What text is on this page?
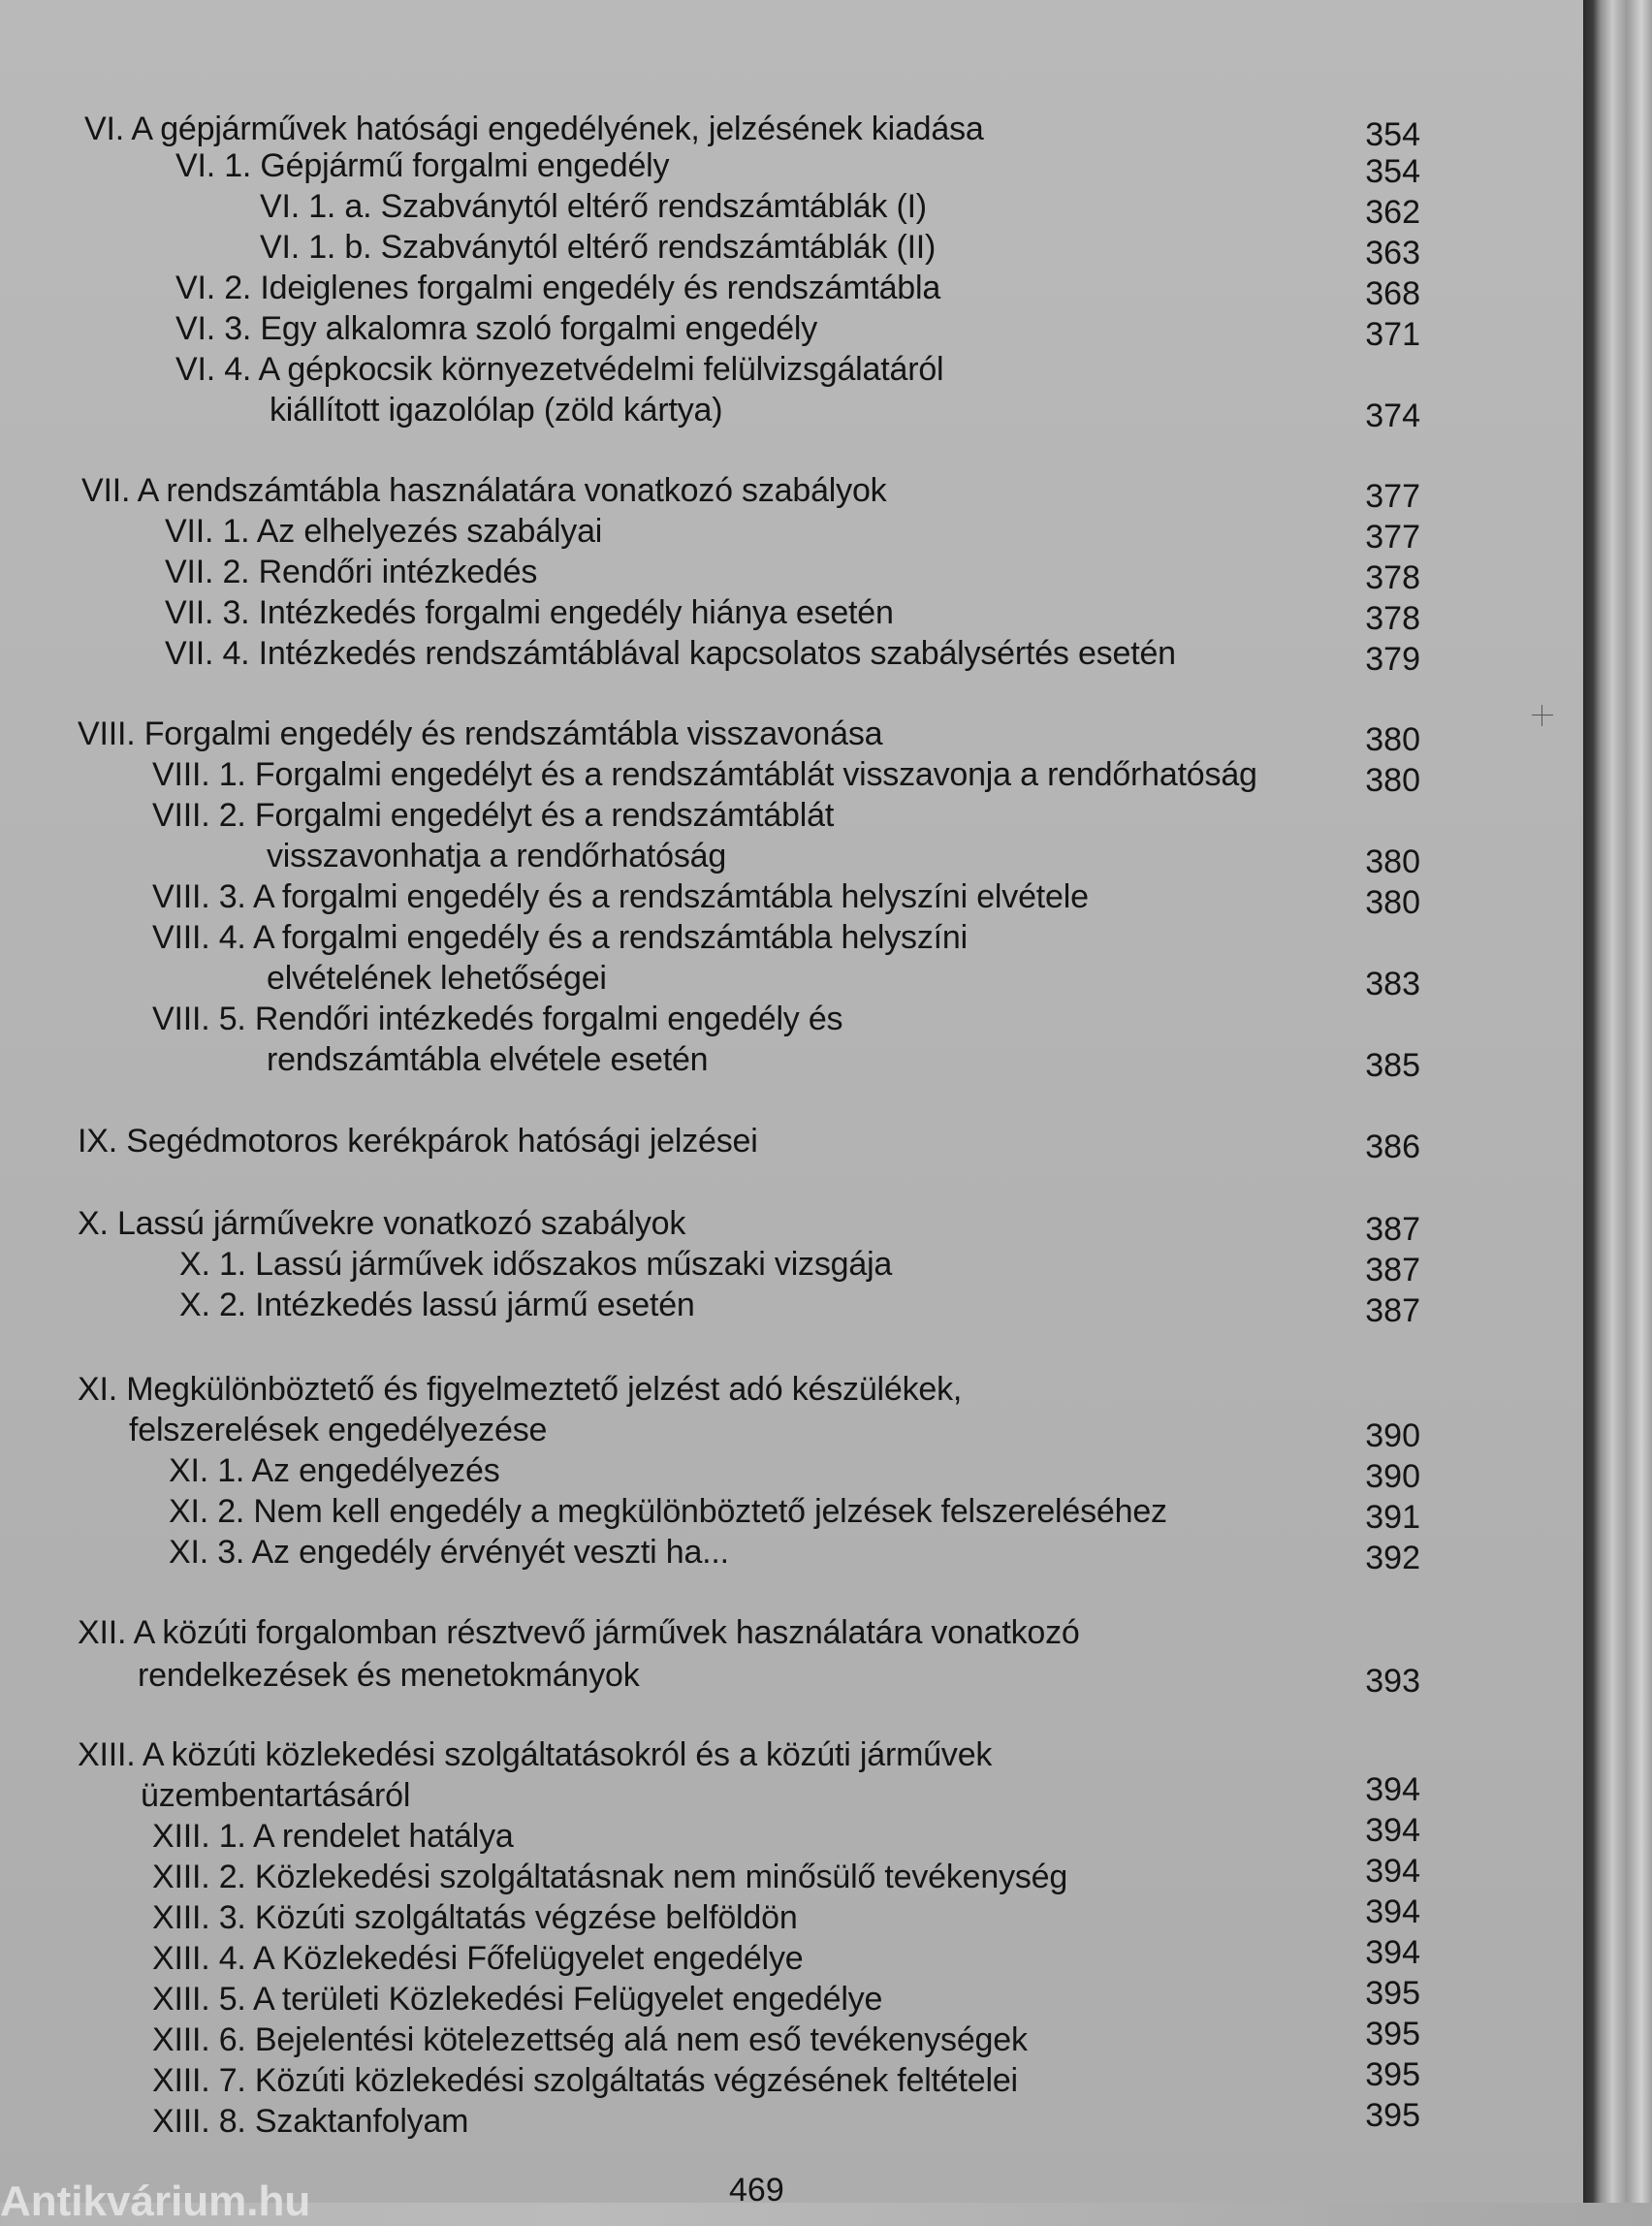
VI. A gépjárművek hatósági engedélyének, jelzésének kiadása	354
VI. 1. Gépjármű forgalmi engedély	354
VI. 1. a. Szabványtól eltérő rendszámtáblák (I)	362
VI. 1. b. Szabványtól eltérő rendszámtáblák (II)	363
VI. 2. Ideiglenes forgalmi engedély és rendszámtábla	368
VI. 3. Egy alkalomra szoló forgalmi engedély	371
VI. 4. A gépkocsik környezetvédelmi felülvizsgálatáról
kiállított igazolólap (zöld kártya)	374
VII. A rendszámtábla használatára vonatkozó szabályok	377
VII. 1. Az elhelyezés szabályai	377
VII. 2. Rendőri intézkedés	378
VII. 3. Intézkedés forgalmi engedély hiánya esetén	378
VII. 4. Intézkedés rendszámtáblával kapcsolatos szabálysértés esetén	379
VIII. Forgalmi engedély és rendszámtábla visszavonása	380
VIII. 1. Forgalmi engedélyt és a rendszámtáblát visszavonja a rendőrhatóság	380
VIII. 2. Forgalmi engedélyt és a rendszámtáblát
visszavonhatja a rendőrhatóság	380
VIII. 3. A forgalmi engedély és a rendszámtábla helyszíni elvétele	380
VIII. 4. A forgalmi engedély és a rendszámtábla helyszíni
elvételének lehetőségei	383
VIII. 5. Rendőri intézkedés forgalmi engedély és
rendszámtábla elvétele esetén	385
IX. Segédmotoros kerékpárok hatósági jelzései	386
X. Lassú járművekre vonatkozó szabályok	387
X. 1. Lassú járművek időszakos műszaki vizsgája	387
X. 2. Intézkedés lassú jármű esetén	387
XI. Megkülönböztető és figyelmeztető jelzést adó készülékek,
felszerelések engedélyezése	390
XI. 1. Az engedélyezés	390
XI. 2. Nem kell engedély a megkülönböztető jelzések felszereléséhez	391
XI. 3. Az engedély érvényét veszti ha...	392
XII. A közúti forgalomban résztvevő járművek használatára vonatkozó
rendelkezések és menetokmányok	393
XIII. A közúti közlekedési szolgáltatásokról és a közúti járművek
üzembentartásáról	394
XIII. 1. A rendelet hatálya	394
XIII. 2. Közlekedési szolgáltatásnak nem minősülő tevékenység	394
XIII. 3. Közúti szolgáltatás végzése belföldön	394
XIII. 4. A Közlekedési Főfelügyelet engedélye	394
XIII. 5. A területi Közlekedési Felügyelet engedélye	395
XIII. 6. Bejelentési kötelezettség alá nem eső tevékenységek	395
XIII. 7. Közúti közlekedési szolgáltatás végzésének feltételei	395
XIII. 8. Szaktanfolyam	395
469
Antikvárium.hu
